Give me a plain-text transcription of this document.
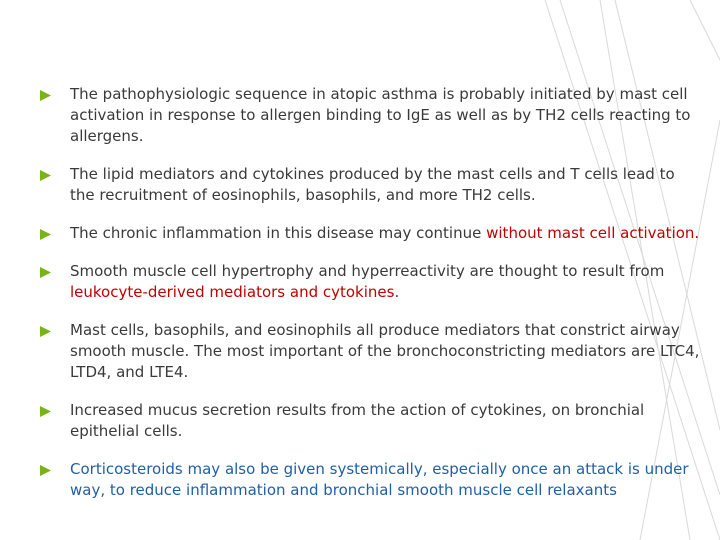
The pathophysiologic sequence in atopic asthma is probably initiated by mast cell activation in response to allergen binding to IgE as well as by TH2 cells reacting to allergens.
The lipid mediators and cytokines produced by the mast cells and T cells lead to the recruitment of eosinophils, basophils, and more TH2 cells.
The chronic inflammation in this disease may continue without mast cell activation.
Smooth muscle cell hypertrophy and hyperreactivity are thought to result from leukocyte-derived mediators and cytokines.
Mast cells, basophils, and eosinophils all produce mediators that constrict airway smooth muscle. The most important of the bronchoconstricting mediators are LTC4, LTD4, and LTE4.
Increased mucus secretion results from the action of cytokines, on bronchial epithelial cells.
Corticosteroids may also be given systemically, especially once an attack is under way, to reduce inflammation and bronchial smooth muscle cell relaxants
